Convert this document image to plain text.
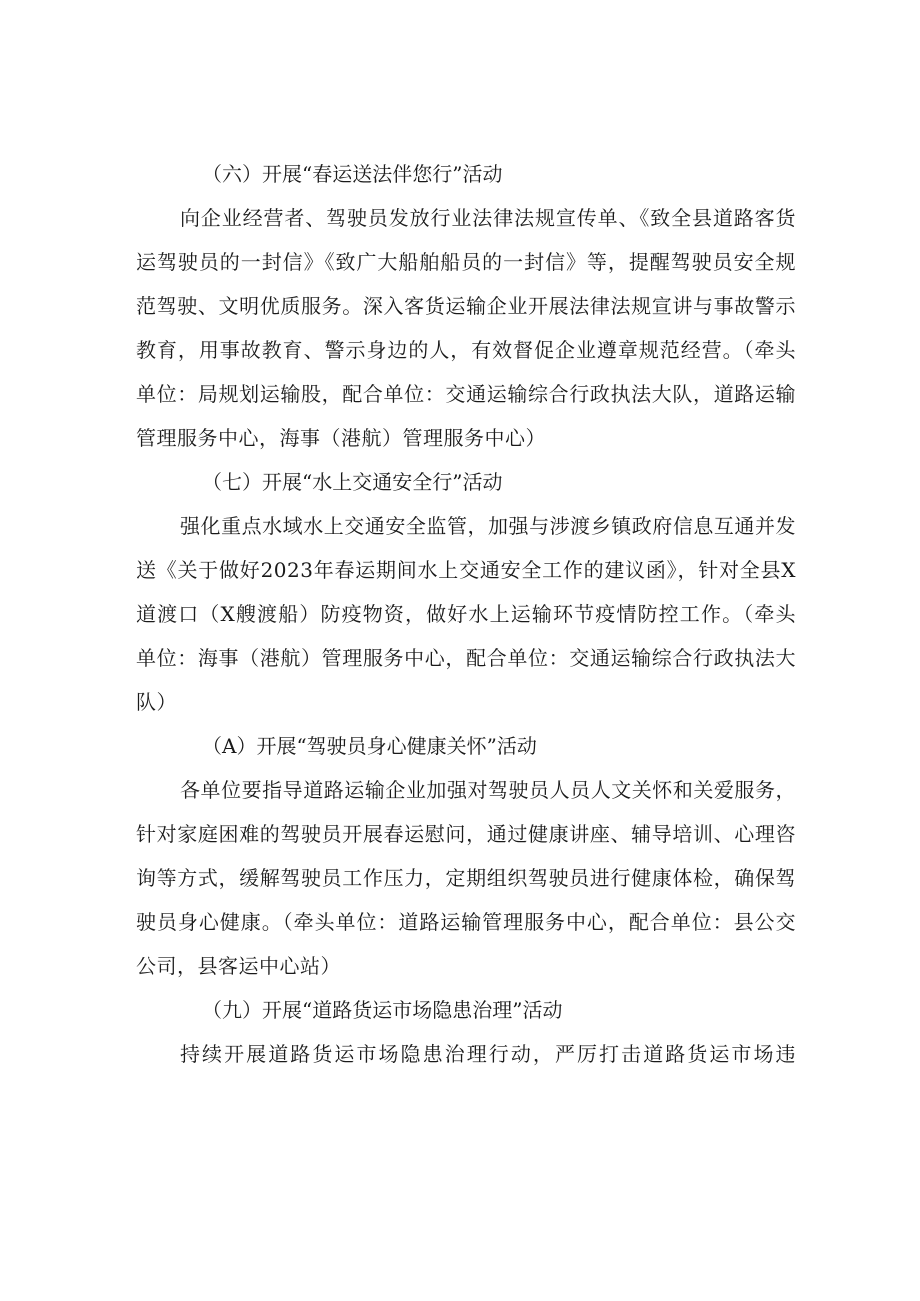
（六）开展“春运送法伴您行”活动

向企业经营者、驾驶员发放行业法律法规宣传单、《致全县道路客货运驾驶员的一封信》《致广大船舶船员的一封信》等，提醒驾驶员安全规范驾驶、文明优质服务。深入客货运输企业开展法律法规宣讲与事故警示教育，用事故教育、警示身边的人，有效督促企业遵章规范经营。（牵头单位：局规划运输股，配合单位：交通运输综合行政执法大队，道路运输管理服务中心，海事（港航）管理服务中心）

（七）开展“水上交通安全行”活动

强化重点水域水上交通安全监管，加强与涉渡乡镇政府信息互通并发送《关于做好2023年春运期间水上交通安全工作的建议函》，针对全县X道渡口（X艘渡船）防疫物资，做好水上运输环节疫情防控工作。（牵头单位：海事（港航）管理服务中心，配合单位：交通运输综合行政执法大队）

（A）开展“驾驶员身心健康关怀”活动

各单位要指导道路运输企业加强对驾驶员人员人文关怀和关爱服务，针对家庭困难的驾驶员开展春运慰问，通过健康讲座、辅导培训、心理咨询等方式，缓解驾驶员工作压力，定期组织驾驶员进行健康体检，确保驾驶员身心健康。（牵头单位：道路运输管理服务中心，配合单位：县公交公司，县客运中心站）

（九）开展“道路货运市场隐患治理”活动

持续开展道路货运市场隐患治理行动，严厉打击道路货运市场违
